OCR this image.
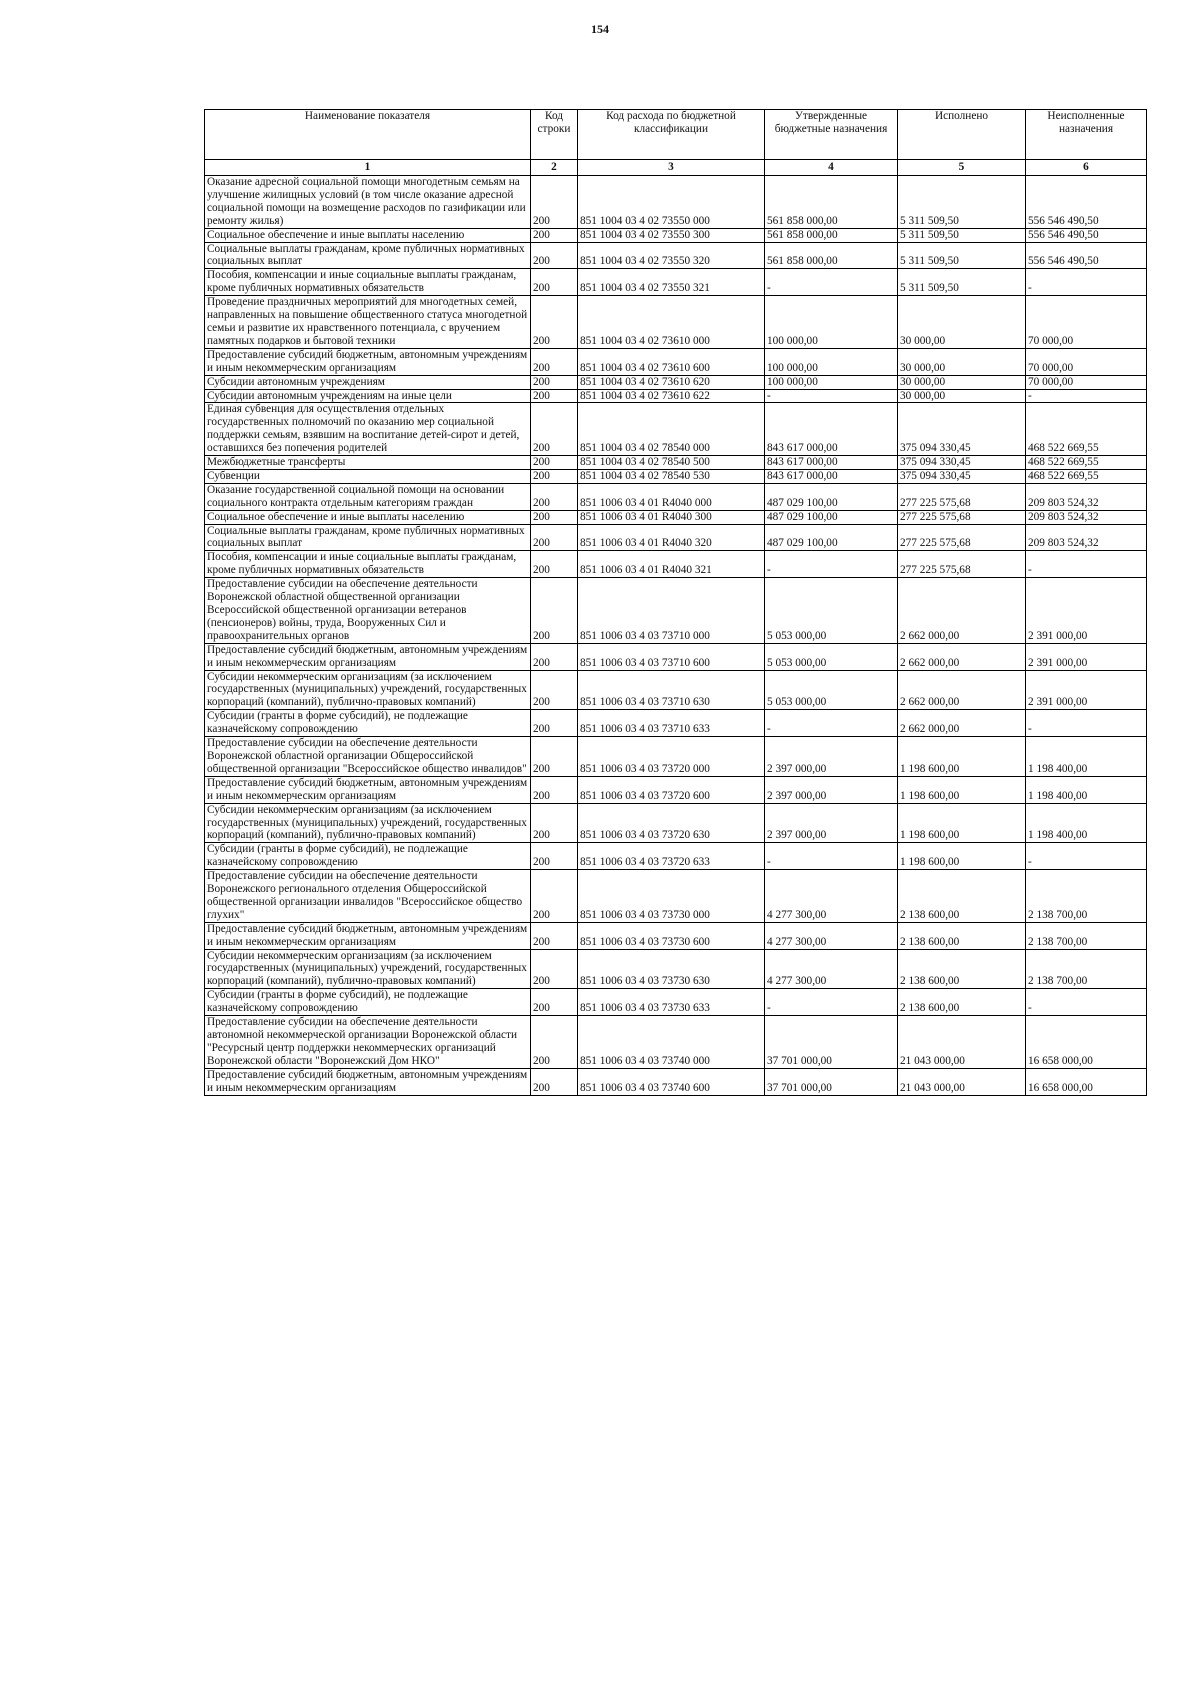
154
Наименование показателя	Код строки	Код расхода по бюджетной классификации	Утвержденные бюджетные назначения	Исполнено	Неисполненные назначения
1	2	3	4	5	6
Оказание адресной социальной помощи многодетным семьям на улучшение жилищных условий (в том числе оказание адресной социальной помощи на возмещение расходов по газификации или ремонту жилья)	200	851 1004 03 4 02 73550 000	561 858 000,00	5 311 509,50	556 546 490,50
Социальное обеспечение и иные выплаты населению	200	851 1004 03 4 02 73550 300	561 858 000,00	5 311 509,50	556 546 490,50
Социальные выплаты гражданам, кроме публичных нормативных социальных выплат	200	851 1004 03 4 02 73550 320	561 858 000,00	5 311 509,50	556 546 490,50
Пособия, компенсации и иные социальные выплаты гражданам, кроме публичных нормативных обязательств	200	851 1004 03 4 02 73550 321	-	5 311 509,50	-
Проведение праздничных мероприятий для многодетных семей, направленных на повышение общественного статуса многодетной семьи и развитие их нравственного потенциала, с вручением памятных подарков и бытовой техники	200	851 1004 03 4 02 73610 000	100 000,00	30 000,00	70 000,00
Предоставление субсидий бюджетным, автономным учреждениям и иным некоммерческим организациям	200	851 1004 03 4 02 73610 600	100 000,00	30 000,00	70 000,00
Субсидии автономным учреждениям	200	851 1004 03 4 02 73610 620	100 000,00	30 000,00	70 000,00
Субсидии автономным учреждениям на иные цели	200	851 1004 03 4 02 73610 622	-	30 000,00	-
Единая субвенция для осуществления отдельных государственных полномочий по оказанию мер социальной поддержки семьям, взявшим на воспитание детей-сирот и детей, оставшихся без попечения родителей	200	851 1004 03 4 02 78540 000	843 617 000,00	375 094 330,45	468 522 669,55
Межбюджетные трансферты	200	851 1004 03 4 02 78540 500	843 617 000,00	375 094 330,45	468 522 669,55
Субвенции	200	851 1004 03 4 02 78540 530	843 617 000,00	375 094 330,45	468 522 669,55
Оказание государственной социальной помощи на основании социального контракта отдельным категориям граждан	200	851 1006 03 4 01 R4040 000	487 029 100,00	277 225 575,68	209 803 524,32
Социальное обеспечение и иные выплаты населению	200	851 1006 03 4 01 R4040 300	487 029 100,00	277 225 575,68	209 803 524,32
Социальные выплаты гражданам, кроме публичных нормативных социальных выплат	200	851 1006 03 4 01 R4040 320	487 029 100,00	277 225 575,68	209 803 524,32
Пособия, компенсации и иные социальные выплаты гражданам, кроме публичных нормативных обязательств	200	851 1006 03 4 01 R4040 321	-	277 225 575,68	-
Предоставление субсидии на обеспечение деятельности Воронежской областной общественной организации Всероссийской общественной организации ветеранов (пенсионеров) войны, труда, Вооруженных Сил и правоохранительных органов	200	851 1006 03 4 03 73710 000	5 053 000,00	2 662 000,00	2 391 000,00
Предоставление субсидий бюджетным, автономным учреждениям и иным некоммерческим организациям	200	851 1006 03 4 03 73710 600	5 053 000,00	2 662 000,00	2 391 000,00
Субсидии некоммерческим организациям (за исключением государственных (муниципальных) учреждений, государственных корпораций (компаний), публично-правовых компаний)	200	851 1006 03 4 03 73710 630	5 053 000,00	2 662 000,00	2 391 000,00
Субсидии (гранты в форме субсидий), не подлежащие казначейскому сопровождению	200	851 1006 03 4 03 73710 633	-	2 662 000,00	-
Предоставление субсидии на обеспечение деятельности Воронежской областной организации Общероссийской общественной организации "Всероссийское общество инвалидов"	200	851 1006 03 4 03 73720 000	2 397 000,00	1 198 600,00	1 198 400,00
Предоставление субсидий бюджетным, автономным учреждениям и иным некоммерческим организациям	200	851 1006 03 4 03 73720 600	2 397 000,00	1 198 600,00	1 198 400,00
Субсидии некоммерческим организациям (за исключением государственных (муниципальных) учреждений, государственных корпораций (компаний), публично-правовых компаний)	200	851 1006 03 4 03 73720 630	2 397 000,00	1 198 600,00	1 198 400,00
Субсидии (гранты в форме субсидий), не подлежащие казначейскому сопровождению	200	851 1006 03 4 03 73720 633	-	1 198 600,00	-
Предоставление субсидии на обеспечение деятельности Воронежского регионального отделения Общероссийской общественной организации инвалидов "Всероссийское общество глухих"	200	851 1006 03 4 03 73730 000	4 277 300,00	2 138 600,00	2 138 700,00
Предоставление субсидий бюджетным, автономным учреждениям и иным некоммерческим организациям	200	851 1006 03 4 03 73730 600	4 277 300,00	2 138 600,00	2 138 700,00
Субсидии некоммерческим организациям (за исключением государственных (муниципальных) учреждений, государственных корпораций (компаний), публично-правовых компаний)	200	851 1006 03 4 03 73730 630	4 277 300,00	2 138 600,00	2 138 700,00
Субсидии (гранты в форме субсидий), не подлежащие казначейскому сопровождению	200	851 1006 03 4 03 73730 633	-	2 138 600,00	-
Предоставление субсидии на обеспечение деятельности автономной некоммерческой организации Воронежской области "Ресурсный центр поддержки некоммерческих организаций Воронежской области "Воронежский Дом НКО"	200	851 1006 03 4 03 73740 000	37 701 000,00	21 043 000,00	16 658 000,00
Предоставление субсидий бюджетным, автономным учреждениям и иным некоммерческим организациям	200	851 1006 03 4 03 73740 600	37 701 000,00	21 043 000,00	16 658 000,00
